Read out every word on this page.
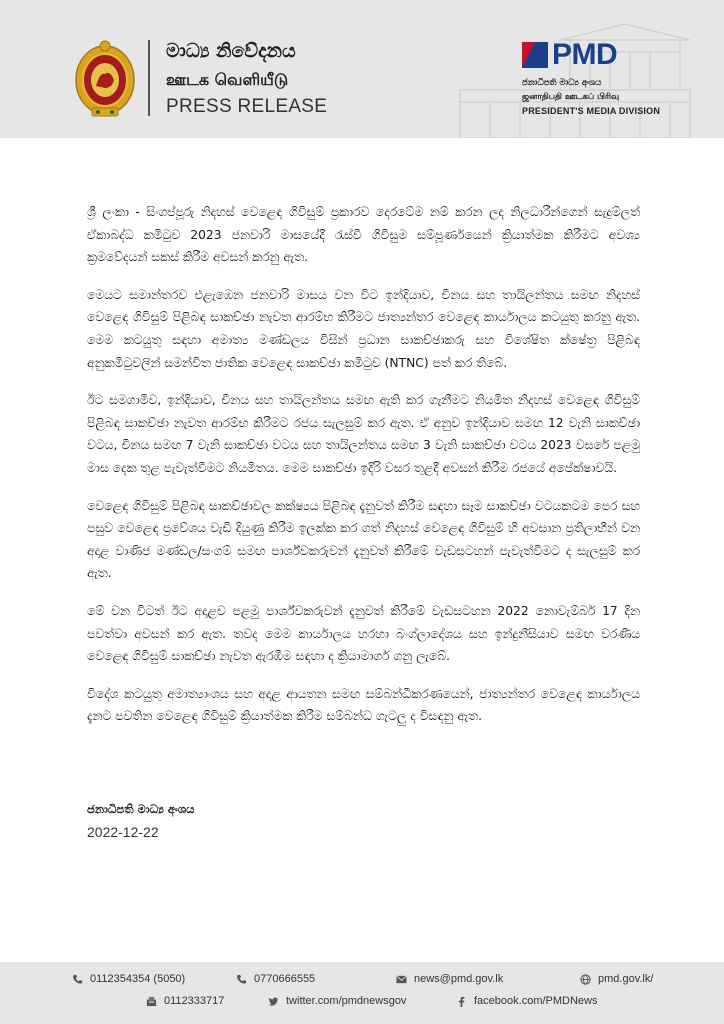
මාධ්‍ය නිවේදනය
ஊடக வெளியீடு
PRESS RELEASE
PMD
ජනාධිපති මාධ්‍ය අංශය
ஜனாதிபதி ஊடகப் பிரிவு
PRESIDENT'S MEDIA DIVISION

ශ්‍රී ලංකා - සිංගප්පූරු නිදහස් වෙළෙඳ ගිවිසුම් ප්‍රකාරව දෙරටේම නම් කරන ලද නිලධාරීන්ගෙන් සැදුම්ලත් ඒකාබද්ධ කමිටුව 2023 ජනවාරි මාසයේදී රැස්වී ගිවිසුම සම්පූර්ණයෙන් ක්‍රියාත්මක කිරීමට අවශ්‍ය ක්‍රමවේදයන් සකස් කිරීම අවසන් කරනු ඇත.

මෙයට සමාන්තරව එළැඹෙන ජනවාරි මාසය වන විට ඉන්දියාව, චීනය සහ තායිලන්තය සමඟ නිදහස් වෙළෙඳ ගිවිසුම් පිළිබඳ සාකච්ඡා නැවත ආරම්භ කිරීමට ජාත්‍යන්තර වෙළෙඳ කාර්යාලය කටයුතු කරනු ඇත. මෙම කටයුතු සඳහා අමාත්‍ය මණ්ඩලය විසින් ප්‍රධාන සාකච්ඡාකරු සහ විශේෂිත ක්ෂේත්‍ර පිළිබඳ අනුකමිටුවලින් සමන්විත ජාතික වෙළෙඳ සාකච්ඡා කමිටුව (NTNC) පත් කර තිබේ.

ඊට සමගාමීව, ඉන්දියාව, චීනය සහ තායිලන්තය සමඟ ඇති කර ගැනීමට නියමිත නිදහස් වෙළෙඳ ගිවිසුම් පිළිබඳ සාකච්ඡා නැවත ආරම්භ කිරීමට රජය සැලසුම් කර ඇත. ඒ අනුව ඉන්දියාව සමඟ 12 වැනි සාකච්ඡා වටය, චීනය සමඟ 7 වැනි සාකච්ඡා වටය සහ තායිලන්තය සමඟ 3 වැනි සාකච්ඡා වටය 2023 වසරේ පළමු මාස දෙක තුළ පැවැත්වීමට නියමිතය. මෙම සාකච්ඡා ඉදිරි වසර තුළදී අවසන් කිරීම රජයේ අපේක්ෂාවයි.

වෙළෙඳ ගිවිසුම් පිළිබඳ සාකච්ඡාවල කක්ෂ්‍යය පිළිබඳ දැනුවත් කිරීම සඳහා සෑම සාකච්ඡා වටයකටම පෙර සහ පසුව වෙළෙඳ ප්‍රවේශය වැඩි දියුණු කිරීම ඉලක්ක කර ගත් නිදහස් වෙළෙඳ ගිවිසුම් හි අවසාන ප්‍රතිලාභීන් වන අදාළ වාණිජ මණ්ඩල/සංගම් සමඟ පාර්ශ්වකරුවන් දැනුවත් කිරීමේ වැඩසටහන් පැවැත්වීමට ද සැලසුම් කර ඇත.

මේ වන විටත් ඊට අදාළව පළමු පාර්ශ්වකරුවන් දැනුවත් කිරීමේ වැඩසටහන 2022 නොවැම්බර් 17 දින පවත්වා අවසන් කර ඇත. තවද මෙම කාර්යාලය හරහා බංග්ලාදේශය සහ ඉන්දුනීසියාව සමඟ වරණීය වෙළෙඳ ගිවිසුම් සාකච්ඡා නැවත ඇරඹීම සඳහා ද ක්‍රියාමාර්ග ගනු ලැබේ.

විදේශ කටයුතු අමාත්‍යාංශය සහ අදාළ ආයතන සමඟ සම්බන්ධීකරණයෙන්, ජාත්‍යන්තර වෙළෙඳ කාර්යාලය දැනට පවතින වෙළෙඳ ගිවිසුම් ක්‍රියාත්මක කිරීම සම්බන්ධ ගැටලු ද විසඳනු ඇත.

ජනාධිපති මාධ්‍ය අංශය
2022-12-22
0112354354 (5050)	0770666555	news@pmd.gov.lk	pmd.gov.lk/
0112333717	twitter.com/pmdnewsgov	facebook.com/PMDNews
